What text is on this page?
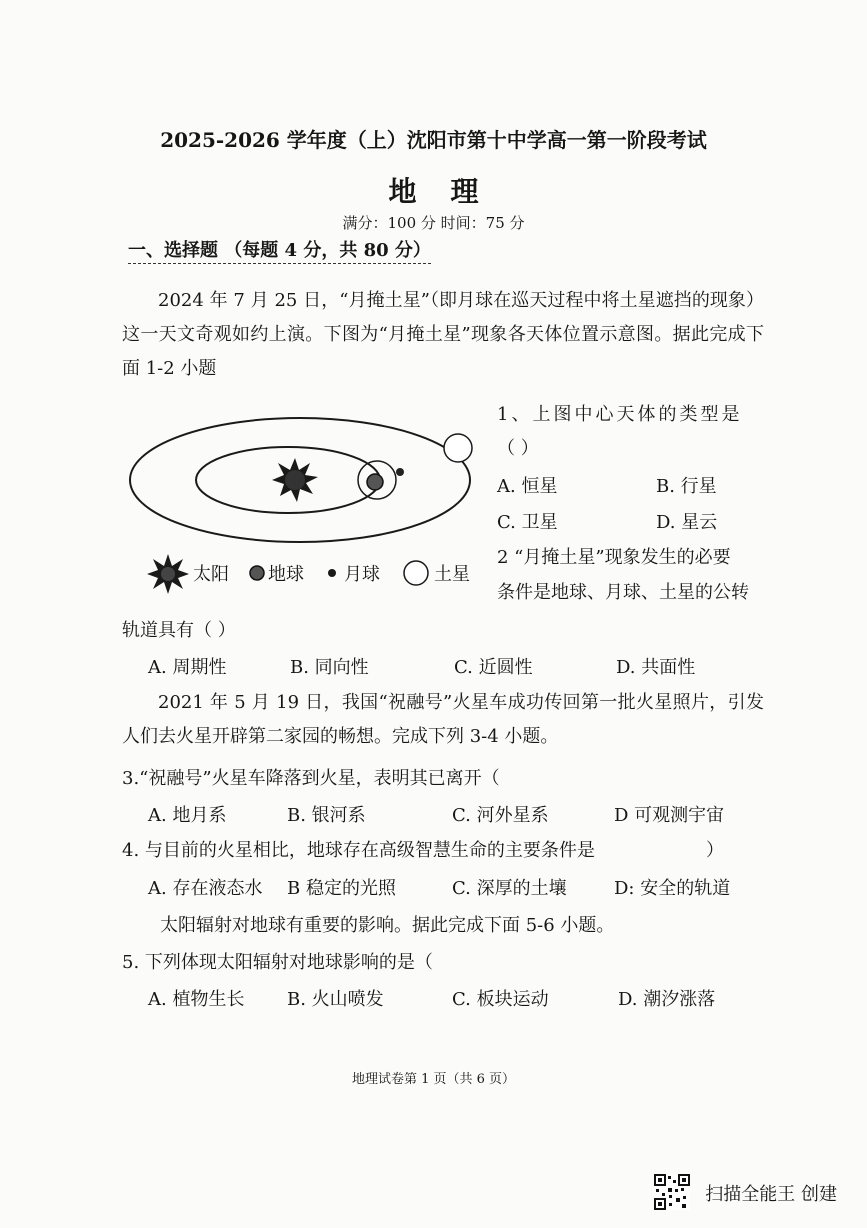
2025-2026 学年度（上）沈阳市第十中学高一第一阶段考试
地理
满分：100 分 时间：75 分
一、选择题 （每题 4 分，共 80 分）
2024 年 7 月 25 日，“月掩土星”（即月球在巡天过程中将土星遮挡的现象）这一天文奇观如约上演。下图为“月掩土星”现象各天体位置示意图。据此完成下面 1-2 小题
太阳 地球 月球	土星
1、上图中心天体的类型是
（ ）
A. 恒星	B. 行星
C. 卫星	D. 星云
2 “月掩土星”现象发生的必要
条件是地球、月球、土星的公转
轨道具有（ ）
A. 周期性	B. 同向性	C. 近圆性	D. 共面性
2021 年 5 月 19 日，我国“祝融号”火星车成功传回第一批火星照片，引发人们去火星开辟第二家园的畅想。完成下列 3-4 小题。
3.“祝融号”火星车降落到火星，表明其已离开（
A. 地月系	B. 银河系	C. 河外星系	D 可观测宇宙
4. 与目前的火星相比，地球存在高级智慧生命的主要条件是	）
A. 存在液态水 B 稳定的光照	C. 深厚的土壤	D: 安全的轨道
太阳辐射对地球有重要的影响。据此完成下面 5-6 小题。
5. 下列体现太阳辐射对地球影响的是（
A. 植物生长 B. 火山喷发	C. 板块运动	D. 潮汐涨落
地理试卷第 1 页（共 6 页）
扫描全能王 创建
